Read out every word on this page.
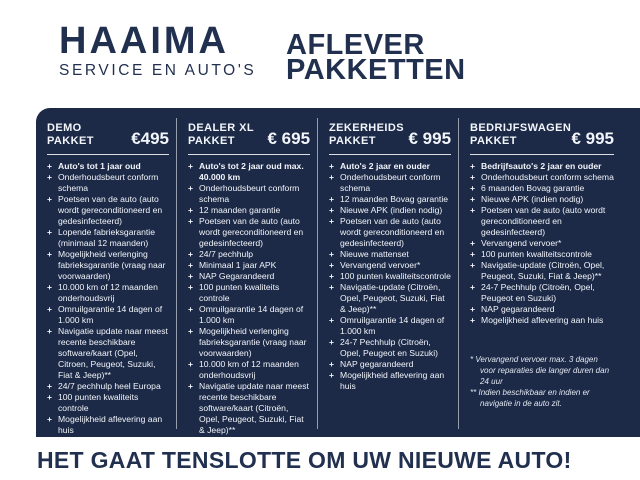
HAAIMA
SERVICE EN AUTO'S
AFLEVER
PAKKETTEN
DEMO
PAKKET €495
+ Auto's tot 1 jaar oud
+ Onderhoudsbeurt conform schema
+ Poetsen van de auto (auto wordt gereconditioneerd en gedesinfecteerd)
+ Lopende fabrieksgarantie (minimaal 12 maanden)
+ Mogelijkheid verlenging fabrieksgarantie (vraag naar voorwaarden)
+ 10.000 km of 12 maanden onderhoudsvrij
+ Omruilgarantie 14 dagen of 1.000 km
+ Navigatie update naar meest recente beschikbare software/kaart (Opel, Citroen, Peugeot, Suzuki, Fiat & Jeep)**
+ 24/7 pechhulp heel Europa
+ 100 punten kwaliteits controle
+ Mogelijkheid aflevering aan huis
DEALER XL
PAKKET	€ 695
+ Auto's tot 2 jaar oud max. 40.000 km
+ Onderhoudsbeurt conform schema
+ 12 maanden garantie
+ Poetsen van de auto (auto wordt gereconditioneerd en gedesinfecteerd)
+ 24/7 pechhulp
+ Minimaal 1 jaar APK
+ NAP Gegarandeerd
+ 100 punten kwaliteits controle
+ Omruilgarantie 14 dagen of 1.000 km
+ Mogelijkheid verlenging fabrieksgarantie (vraag naar voorwaarden)
+ 10.000 km of 12 maanden onderhoudsvrij
+ Navigatie update naar meest recente beschikbare software/kaart (Citroën, Opel, Peugeot, Suzuki, Fiat & Jeep)**
ZEKERHEIDS
PAKKET	€ 995
+ Auto's 2 jaar en ouder
+ Onderhoudsbeurt conform schema
+ 12 maanden Bovag garantie
+ Nieuwe APK (indien nodig)
+ Poetsen van de auto (auto wordt gereconditioneerd en gedesinfecteerd)
+ Nieuwe mattenset
+ Vervangend vervoer*
+ 100 punten kwaliteitscontrole
+ Navigatie-update (Citroën, Opel, Peugeot, Suzuki, Fiat & Jeep)**
+ Omruilgarantie 14 dagen of 1.000 km
+ 24-7 Pechhulp (Citroën, Opel, Peugeot en Suzuki)
+ NAP gegarandeerd
+ Mogelijkheid aflevering aan huis
BEDRIJFSWAGEN
PAKKET	€ 995
+ Bedrijfsauto's 2 jaar en ouder
+ Onderhoudsbeurt conform schema
+ 6 maanden Bovag garantie
+ Nieuwe APK (indien nodig)
+ Poetsen van de auto (auto wordt gereconditioneerd en gedesinfecteerd)
+ Vervangend vervoer*
+ 100 punten kwaliteitscontrole
+ Navigatie-update (Citroën, Opel, Peugeot, Suzuki, Fiat & Jeep)**
+ 24-7 Pechhulp (Citroën, Opel, Peugeot en Suzuki)
+ NAP gegarandeerd
+ Mogelijkheid aflevering aan huis
* Vervangend vervoer max. 3 dagen voor reparaties die langer duren dan 24 uur
** Indien beschikbaar en indien er navigatie in de auto zit.
HET GAAT TENSLOTTE OM UW NIEUWE AUTO!
